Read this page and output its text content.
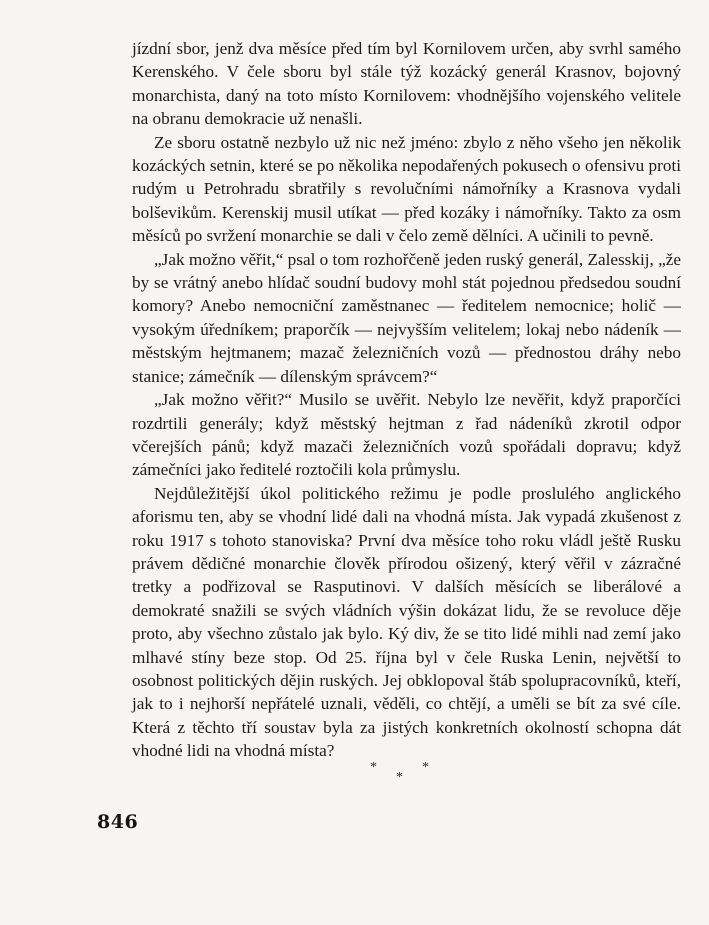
jízdní sbor, jenž dva měsíce před tím byl Kornilovem určen, aby svrhl samého Kerenského. V čele sboru byl stále týž kozácký generál Krasnov, bojovný monarchista, daný na toto místo Kornilovem: vhodnějšího vojenského velitele na obranu demokracie už nenašli.

Ze sboru ostatně nezbylo už nic než jméno: zbylo z něho všeho jen několik kozáckých setnin, které se po několika nepodařených pokusech o ofensivu proti rudým u Petrohradu sbratřily s revolučními námořníky a Krasnova vydali bolševikům. Kerenskij musil utíkat — před kozáky i námořníky. Takto za osm měsíců po svržení monarchie se dali v čelo země dělníci. A učinili to pevně.

„Jak možno věřit,“ psal o tom rozhořčeně jeden ruský generál, Zalesskij, „že by se vrátný anebo hlídač soudní budovy mohl stát pojednou předsedou soudní komory? Anebo nemocniční zaměstnanec — ředitelem nemocnice; holič — vysokým úředníkem; praporčík — nejvyšším velitelem; lokaj nebo nádeník — městským hejtmanem; mazač železničních vozů — přednostou dráhy nebo stanice; zámečník — dílenským správcem?“

„Jak možno věřit?“ Musilo se uvěřit. Nebylo lze nevěřit, když praporčíci rozdrtili generály; když městský hejtman z řad nádeníků zkrotil odpor včerejších pánů; když mazači železničních vozů spořádali dopravu; když zámečníci jako ředitelé roztočili kola průmyslu.

Nejdůležitější úkol politického režimu je podle proslulého anglického aforismu ten, aby se vhodní lidé dali na vhodná místa. Jak vypadá zkušenost z roku 1917 s tohoto stanoviska? První dva měsíce toho roku vládl ještě Rusku právem dědičné monarchie člověk přírodou ošizený, který věřil v zázračné tretky a podřizoval se Rasputinovi. V dalších měsících se liberálové a demokraté snažili se svých vládních výšin dokázat lidu, že se revoluce děje proto, aby všechno zůstalo jak bylo. Ký div, že se tito lidé mihli nad zemí jako mlhavé stíny beze stop. Od 25. října byl v čele Ruska Lenin, největší to osobnost politických dějin ruských. Jej obklopoval štáb spolupracovníků, kteří, jak to i nejhorší nepřátelé uznali, věděli, co chtějí, a uměli se bít za své cíle. Která z těchto tří soustav byla za jistých konkretních okolností schopna dát vhodné lidi na vhodná místa?

*	*
*
846
